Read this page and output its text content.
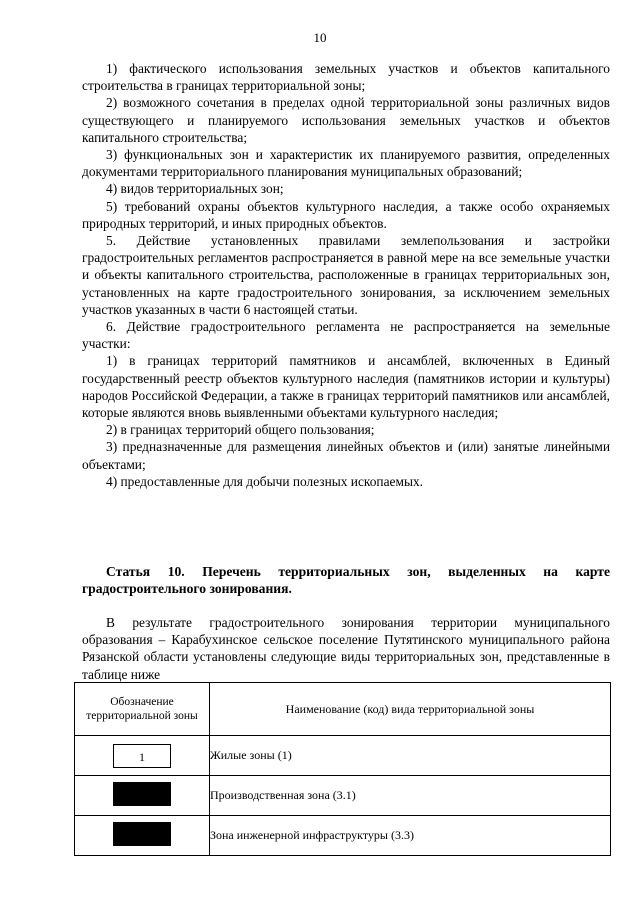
10

1) фактического использования земельных участков и объектов капитального строительства в границах территориальной зоны;

2) возможного сочетания в пределах одной территориальной зоны различных видов существующего и планируемого использования земельных участков и объектов капитального строительства;

3) функциональных зон и характеристик их планируемого развития, определенных документами территориального планирования муниципальных образований;

4) видов территориальных зон;

5) требований охраны объектов культурного наследия, а также особо охраняемых природных территорий, и иных природных объектов.

5. Действие установленных правилами землепользования и застройки градостроительных регламентов распространяется в равной мере на все земельные участки и объекты капитального строительства, расположенные в границах территориальных зон, установленных на карте градостроительного зонирования, за исключением земельных участков указанных в части 6 настоящей статьи.

6. Действие градостроительного регламента не распространяется на земельные участки:

1) в границах территорий памятников и ансамблей, включенных в Единый государственный реестр объектов культурного наследия (памятников истории и культуры) народов Российской Федерации, а также в границах территорий памятников или ансамблей, которые являются вновь выявленными объектами культурного наследия;

2) в границах территорий общего пользования;

3) предназначенные для размещения линейных объектов и (или) занятые линейными объектами;

4) предоставленные для добычи полезных ископаемых.

Статья 10. Перечень территориальных зон, выделенных на карте градостроительного зонирования.
В результате градостроительного зонирования территории муниципального образования – Карабухинское сельское поселение Путятинского муниципального района Рязанской области установлены следующие виды территориальных зон, представленные в таблице ниже
Обозначение территориальной зоны	Наименование (код) вида территориальной зоны
1	Жилые зоны (1)
	Производственная зона (3.1)
	Зона инженерной инфраструктуры (3.3)
